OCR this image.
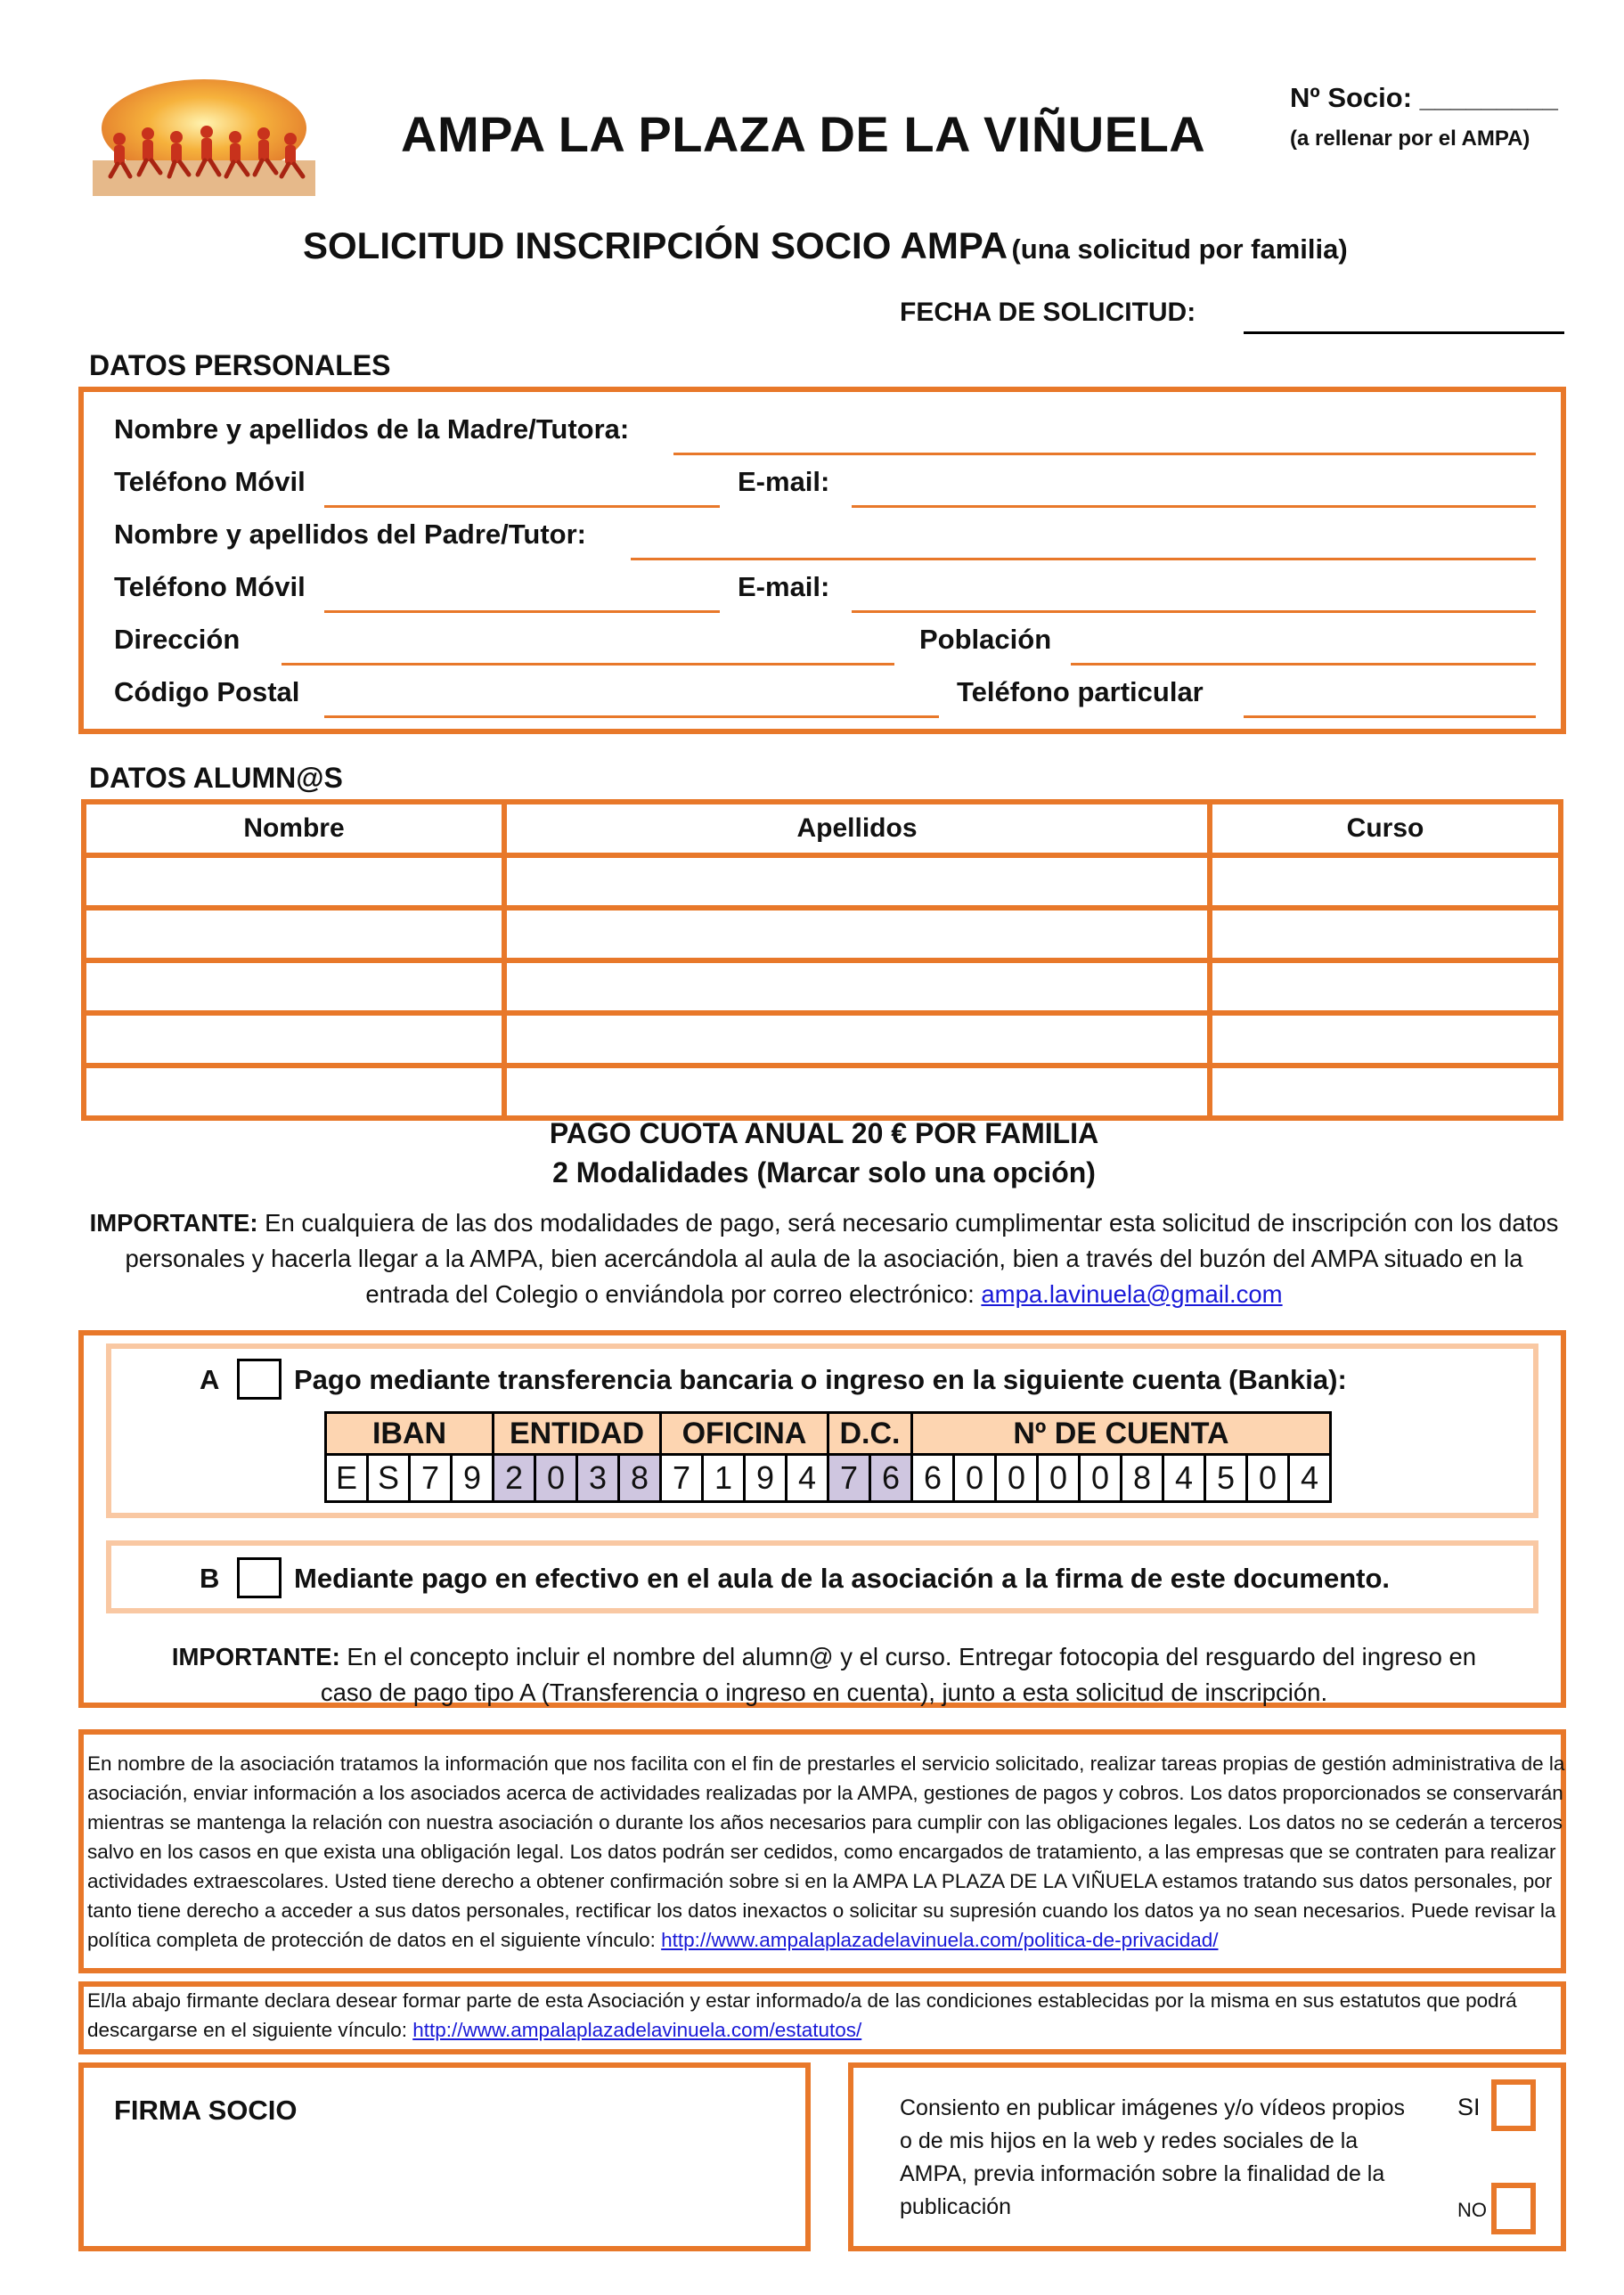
AMPA LA PLAZA DE LA VIÑUELA
Nº Socio: _________
(a rellenar por el AMPA)
SOLICITUD INSCRIPCIÓN SOCIO AMPA (una solicitud por familia)
FECHA DE SOLICITUD:
DATOS PERSONALES
Nombre y apellidos de la Madre/Tutora:
Teléfono Móvil	E-mail:
Nombre y apellidos del Padre/Tutor:
Teléfono Móvil	E-mail:
Dirección	Población
Código Postal	Teléfono particular
DATOS ALUMN@S
Nombre	Apellidos	Curso

PAGO CUOTA ANUAL 20 € POR FAMILIA
2 Modalidades (Marcar solo una opción)
IMPORTANTE: En cualquiera de las dos modalidades de pago, será necesario cumplimentar esta solicitud de inscripción con los datos
personales y hacerla llegar a la AMPA, bien acercándola al aula de la asociación, bien a través del buzón del AMPA situado en la
entrada del Colegio o enviándola por correo electrónico: ampa.lavinuela@gmail.com
A	Pago mediante transferencia bancaria o ingreso en la siguiente cuenta (Bankia):
IBAN				ENTIDAD				OFICINA				D.C.		Nº DE CUENTA									
E	S	7	9	2	0	3	8	7	1	9	4	7	6	6	0	0	0	0	8	4	5	0	4
B	Mediante pago en efectivo en el aula de la asociación a la firma de este documento.
IMPORTANTE: En el concepto incluir el nombre del alumn@ y el curso. Entregar fotocopia del resguardo del ingreso en
caso de pago tipo A (Transferencia o ingreso en cuenta), junto a esta solicitud de inscripción.
En nombre de la asociación tratamos la información que nos facilita con el fin de prestarles el servicio solicitado, realizar tareas propias de gestión administrativa de la
asociación, enviar información a los asociados acerca de actividades realizadas por la AMPA, gestiones de pagos y cobros. Los datos proporcionados se conservarán
mientras se mantenga la relación con nuestra asociación o durante los años necesarios para cumplir con las obligaciones legales. Los datos no se cederán a terceros
salvo en los casos en que exista una obligación legal. Los datos podrán ser cedidos, como encargados de tratamiento, a las empresas que se contraten para realizar
actividades extraescolares. Usted tiene derecho a obtener confirmación sobre si en la AMPA LA PLAZA DE LA VIÑUELA estamos tratando sus datos personales, por
tanto tiene derecho a acceder a sus datos personales, rectificar los datos inexactos o solicitar su supresión cuando los datos ya no sean necesarios. Puede revisar la
política completa de protección de datos en el siguiente vínculo: http://www.ampalaplazadelavinuela.com/politica-de-privacidad/
El/la abajo firmante declara desear formar parte de esta Asociación y estar informado/a de las condiciones establecidas por la misma en sus estatutos que podrá
descargarse en el siguiente vínculo: http://www.ampalaplazadelavinuela.com/estatutos/
FIRMA SOCIO	Consiento en publicar imágenes y/o vídeos propios
o de mis hijos en la web y redes sociales de la
AMPA, previa información sobre la finalidad de la
publicación
SI
NO
